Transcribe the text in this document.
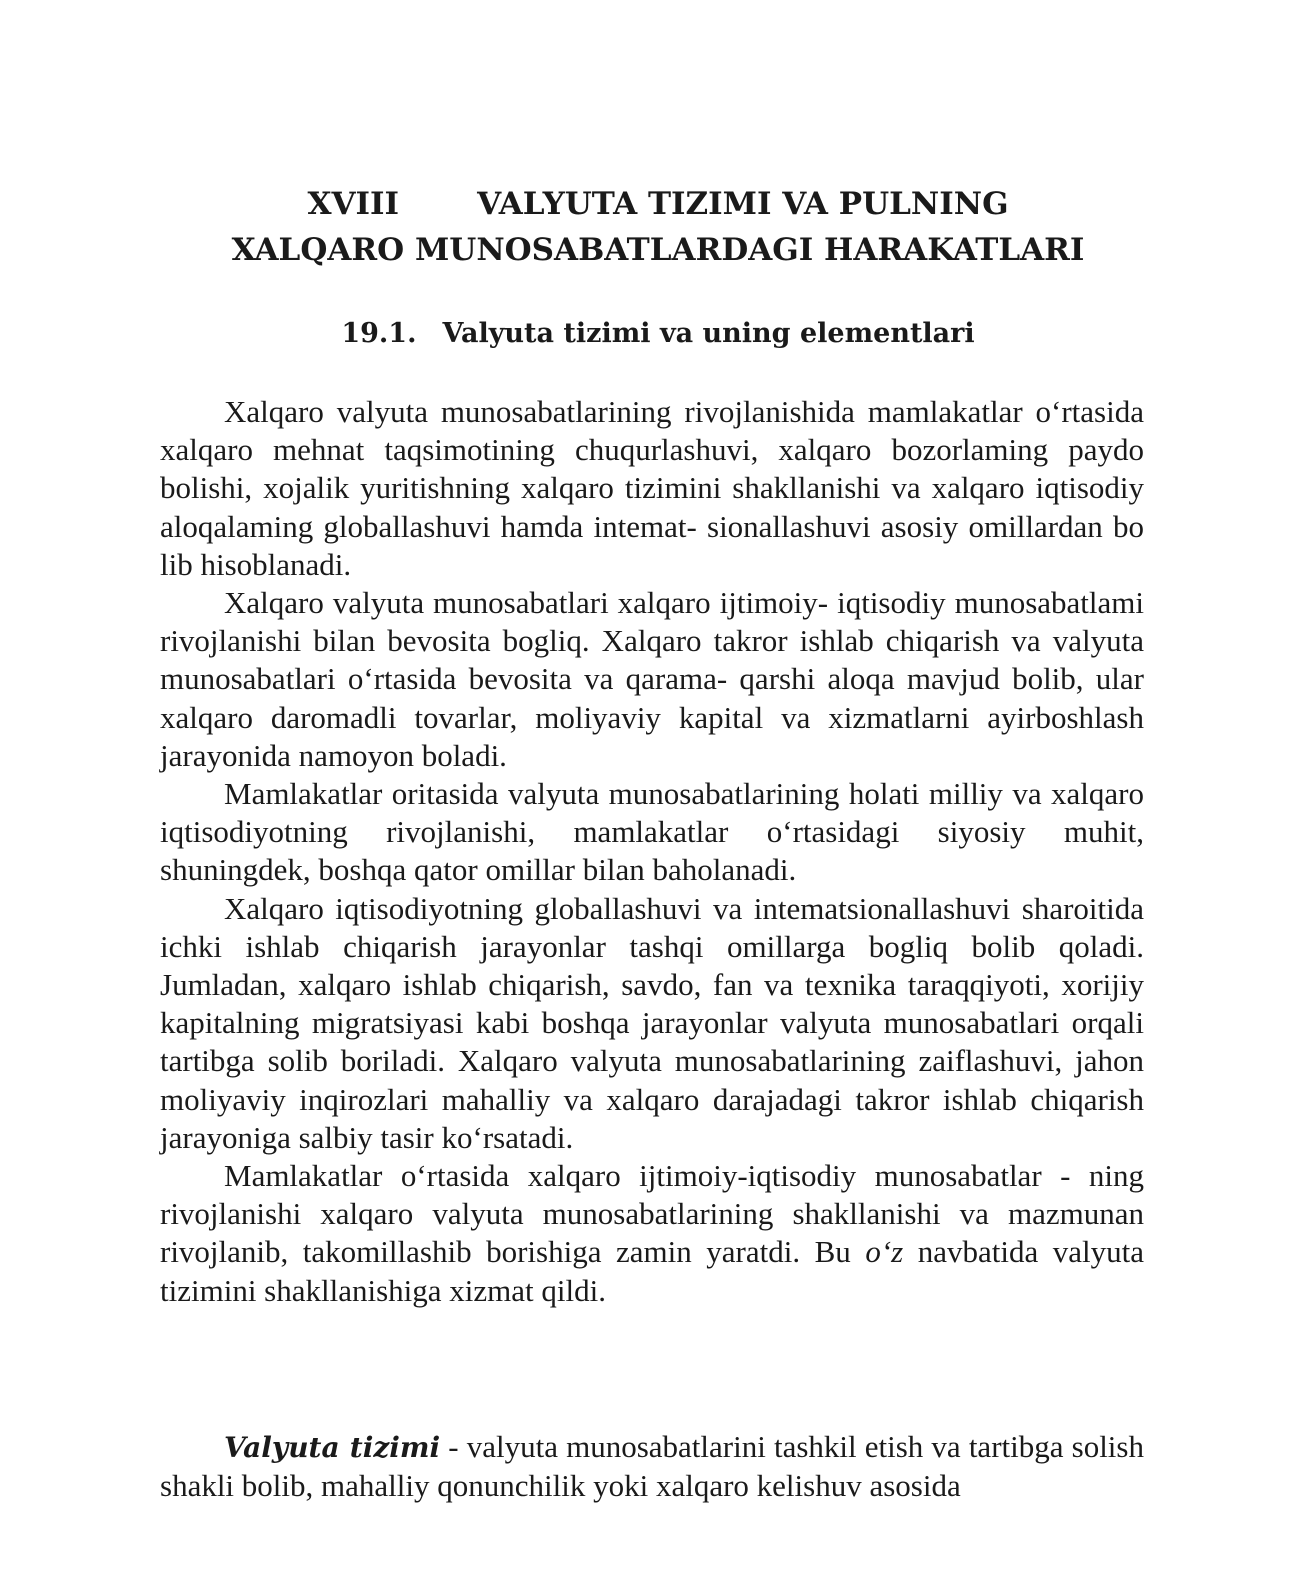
XVIII	VALYUTA TIZIMI VA PULNING
XALQARO MUNOSABATLARDAGI HARAKATLARI
19.1. Valyuta tizimi va uning elementlari

Xalqaro valyuta munosabatlarining rivojlanishida mamlakatlar o‘rtasida xalqaro mehnat taqsimotining chuqurlashuvi, xalqaro bozorlaming paydo bolishi, xojalik yuritishning xalqaro tizimini shakllanishi va xalqaro iqtisodiy aloqalaming globallashuvi hamda intemat- sionallashuvi asosiy omillardan bo lib hisoblanadi.

Xalqaro valyuta munosabatlari xalqaro ijtimoiy- iqtisodiy munosabatlami rivojlanishi bilan bevosita bogliq. Xalqaro takror ishlab chiqarish va valyuta munosabatlari o‘rtasida bevosita va qarama- qarshi aloqa mavjud bolib, ular xalqaro daromadli tovarlar, moliyaviy kapital va xizmatlarni ayirboshlash jarayonida namoyon boladi.

Mamlakatlar oritasida valyuta munosabatlarining holati milliy va xalqaro iqtisodiyotning rivojlanishi, mamlakatlar o‘rtasidagi siyosiy muhit, shuningdek, boshqa qator omillar bilan baholanadi.

Xalqaro iqtisodiyotning globallashuvi va intematsionallashuvi sharoitida ichki ishlab chiqarish jarayonlar tashqi omillarga bogliq bolib qoladi. Jumladan, xalqaro ishlab chiqarish, savdo, fan va texnika taraqqiyoti, xorijiy kapitalning migratsiyasi kabi boshqa jarayonlar valyuta munosabatlari orqali tartibga solib boriladi. Xalqaro valyuta munosabatlarining zaiflashuvi, jahon moliyaviy inqirozlari mahalliy va xalqaro darajadagi takror ishlab chiqarish jarayoniga salbiy tasir ko‘rsatadi.

Mamlakatlar o‘rtasida xalqaro ijtimoiy-iqtisodiy munosabatlar - ning rivojlanishi xalqaro valyuta munosabatlarining shakllanishi va mazmunan rivojlanib, takomillashib borishiga zamin yaratdi. Bu o‘z navbatida valyuta tizimini shakllanishiga xizmat qildi.

Valyuta tizimi - valyuta munosabatlarini tashkil etish va tartibga solish shakli bolib, mahalliy qonunchilik yoki xalqaro kelishuv asosida
